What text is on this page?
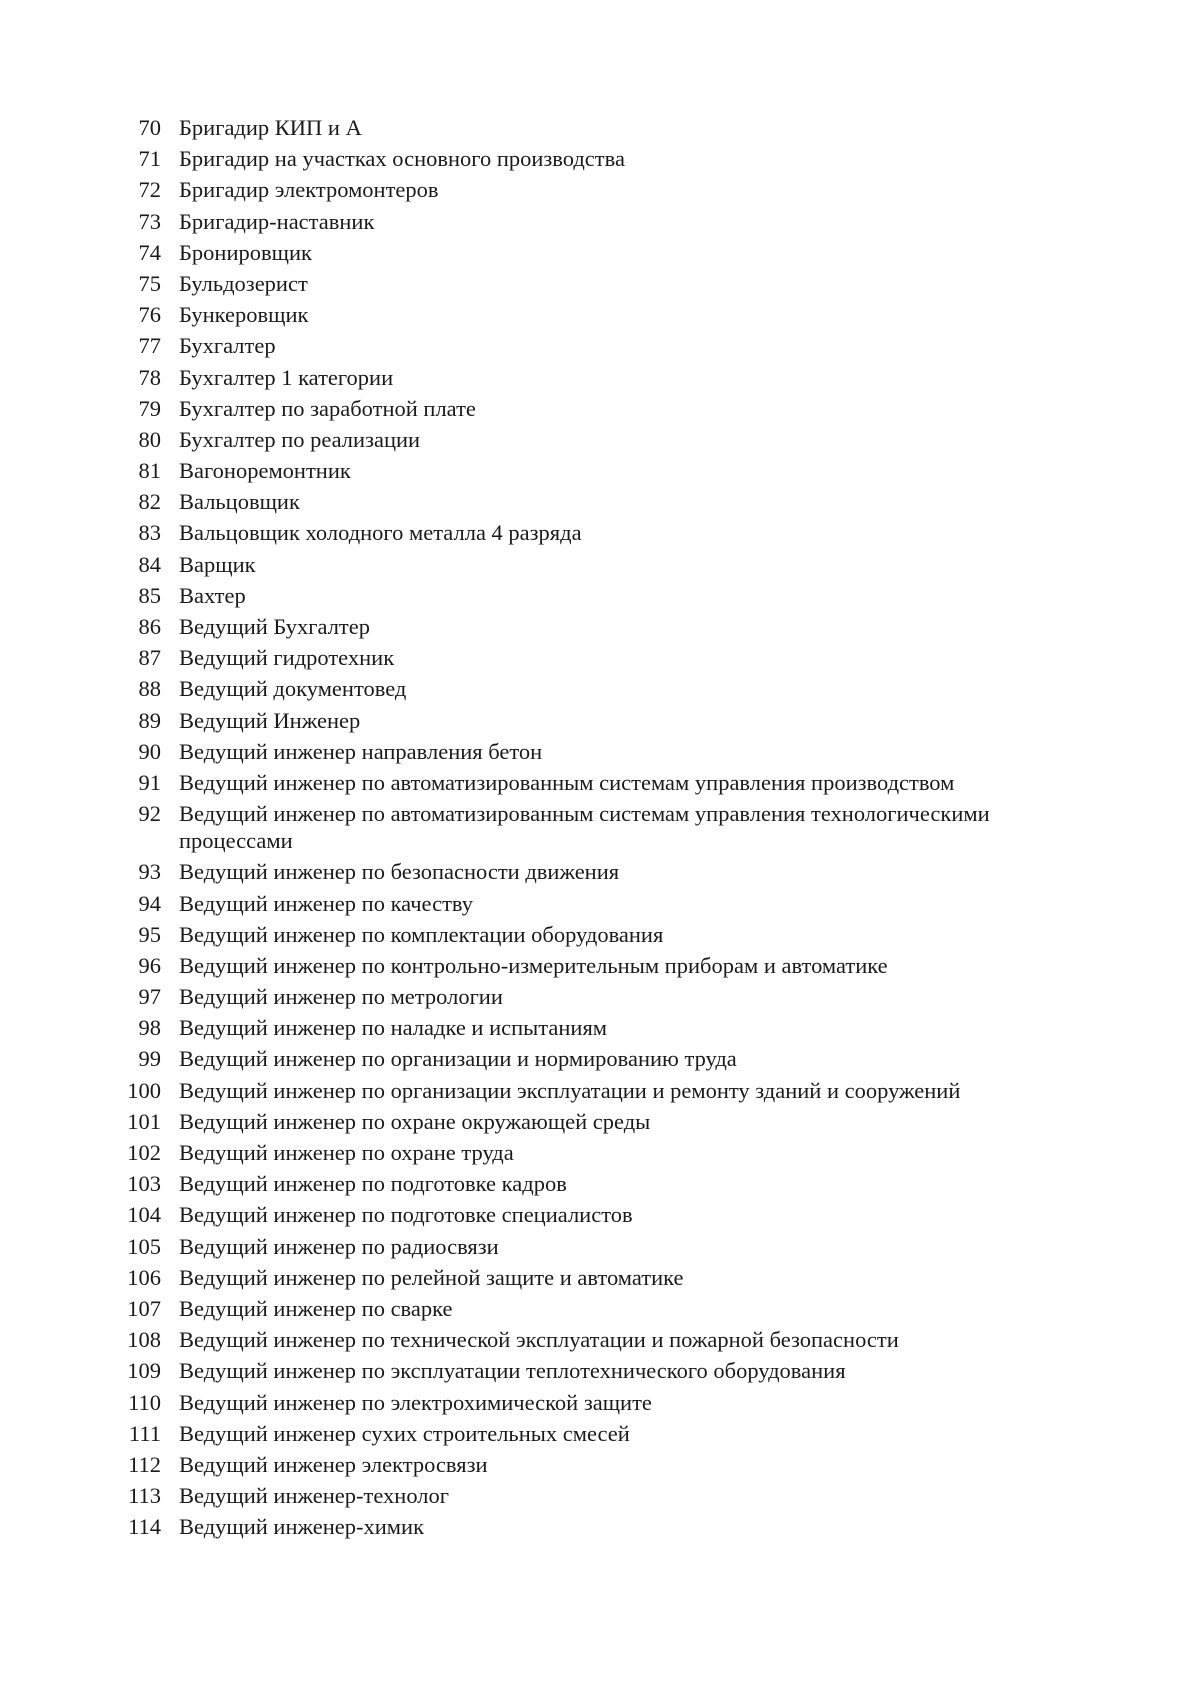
70 Бригадир КИП и А
71 Бригадир на участках основного производства
72 Бригадир электромонтеров
73 Бригадир-наставник
74 Бронировщик
75 Бульдозерист
76 Бункеровщик
77 Бухгалтер
78 Бухгалтер 1 категории
79 Бухгалтер по заработной плате
80 Бухгалтер по реализации
81 Вагоноремонтник
82 Вальцовщик
83 Вальцовщик холодного металла 4 разряда
84 Варщик
85 Вахтер
86 Ведущий Бухгалтер
87 Ведущий гидротехник
88 Ведущий документовед
89 Ведущий Инженер
90 Ведущий инженер направления бетон
91 Ведущий инженер по автоматизированным системам управления производством
92 Ведущий инженер по автоматизированным системам управления технологическими процессами
93 Ведущий инженер по безопасности движения
94 Ведущий инженер по качеству
95 Ведущий инженер по комплектации оборудования
96 Ведущий инженер по контрольно-измерительным приборам и автоматике
97 Ведущий инженер по метрологии
98 Ведущий инженер по наладке и испытаниям
99 Ведущий инженер по организации и нормированию труда
100 Ведущий инженер по организации эксплуатации и ремонту зданий и сооружений
101 Ведущий инженер по охране окружающей среды
102 Ведущий инженер по охране труда
103 Ведущий инженер по подготовке кадров
104 Ведущий инженер по подготовке специалистов
105 Ведущий инженер по радиосвязи
106 Ведущий инженер по релейной защите и автоматике
107 Ведущий инженер по сварке
108 Ведущий инженер по технической эксплуатации и пожарной безопасности
109 Ведущий инженер по эксплуатации теплотехнического оборудования
110 Ведущий инженер по электрохимической защите
111 Ведущий инженер сухих строительных смесей
112 Ведущий инженер электросвязи
113 Ведущий инженер-технолог
114 Ведущий инженер-химик
